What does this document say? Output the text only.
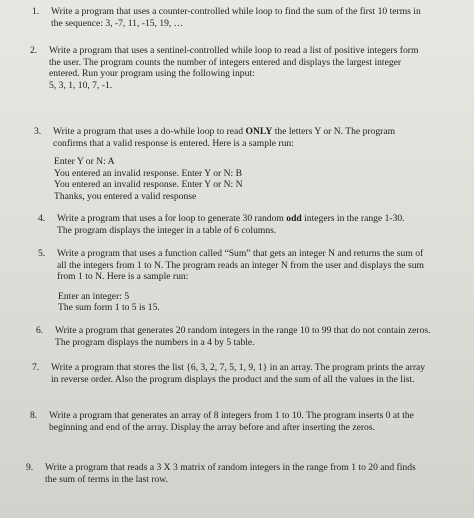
1. Write a program that uses a counter-controlled while loop to find the sum of the first 10 terms in
the sequence: 3, -7, 11, -15, 19, …
2. Write a program that uses a sentinel-controlled while loop to read a list of positive integers form
the user. The program counts the number of integers entered and displays the largest integer
entered. Run your program using the following input:
5, 3, 1, 10, 7, -1.
3. Write a program that uses a do-while loop to read ONLY the letters Y or N. The program
confirms that a valid response is entered. Here is a sample run:
Enter Y or N: A
You entered an invalid response. Enter Y or N: B
You entered an invalid response. Enter Y or N: N
Thanks, you entered a valid response
4. Write a program that uses a for loop to generate 30 random odd integers in the range 1-30.
The program displays the integer in a table of 6 columns.
5. Write a program that uses a function called “Sum” that gets an integer N and returns the sum of
all the integers from 1 to N. The program reads an integer N from the user and displays the sum
from 1 to N. Here is a sample run:
Enter an integer: 5
The sum form 1 to 5 is 15.
6. Write a program that generates 20 random integers in the range 10 to 99 that do not contain zeros.
The program displays the numbers in a 4 by 5 table.
7. Write a program that stores the list {6, 3, 2, 7, 5, 1, 9, 1} in an array. The program prints the array
in reverse order. Also the program displays the product and the sum of all the values in the list.
8. Write a program that generates an array of 8 integers from 1 to 10. The program inserts 0 at the
beginning and end of the array. Display the array before and after inserting the zeros.
9. Write a program that reads a 3 X 3 matrix of random integers in the range from 1 to 20 and finds
the sum of terms in the last row.
